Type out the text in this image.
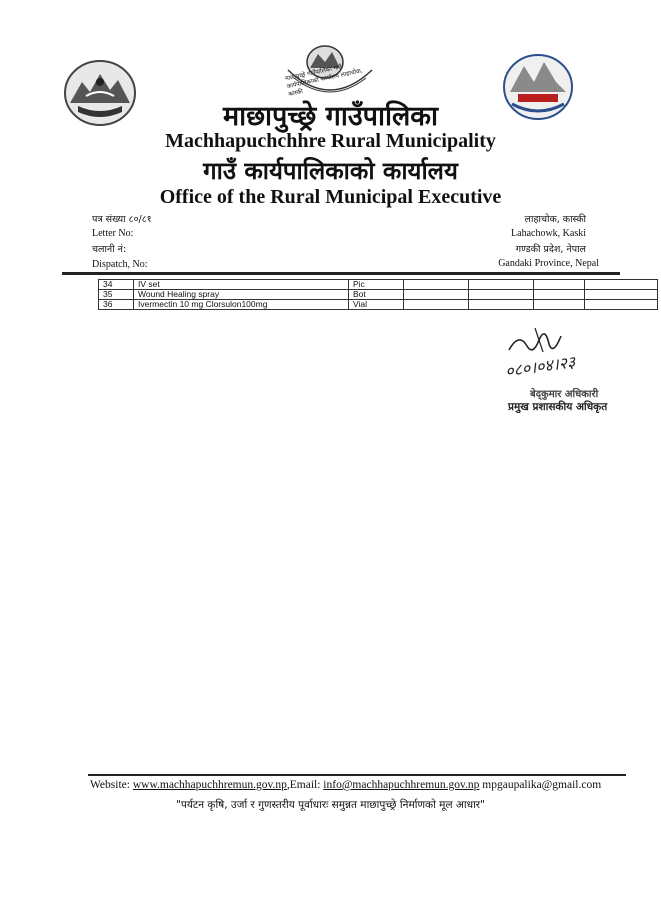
माछापुच्छ्रे गाउँपालिका गाउँ कार्यपालिकाको कार्यालय लाहाचोक, कास्की
माछापुच्छ्रे गाउँपालिका
Machhapuchchhre Rural Municipality
गाउँ कार्यपालिकाको कार्यालय
Office of the Rural Municipal Executive
पत्र संख्या ८०/८१
Letter No:
चलानी नं:
Dispatch, No:
लाहाचोक, कास्की
Lahachowk, Kaski
गण्डकी प्रदेश, नेपाल
Gandaki Province, Nepal
34	IV set	Pic				
35	Wound Healing spray	Bot				
36	Ivermectin 10 mg Clorsulon100mg	Vial				
०८०।०४।२३
बेद्कुमार अधिकारी
प्रमुख प्रशासकीय अधिकृत
Website: www.machhapuchhremun.gov.np,Email: info@machhapuchhremun.gov.np mpgaupalika@gmail.com
"पर्यटन कृषि, उर्जा र गुणस्तरीय पूर्वाधारः समुन्नत माछापुच्छ्रे निर्माणको मूल आधार"
